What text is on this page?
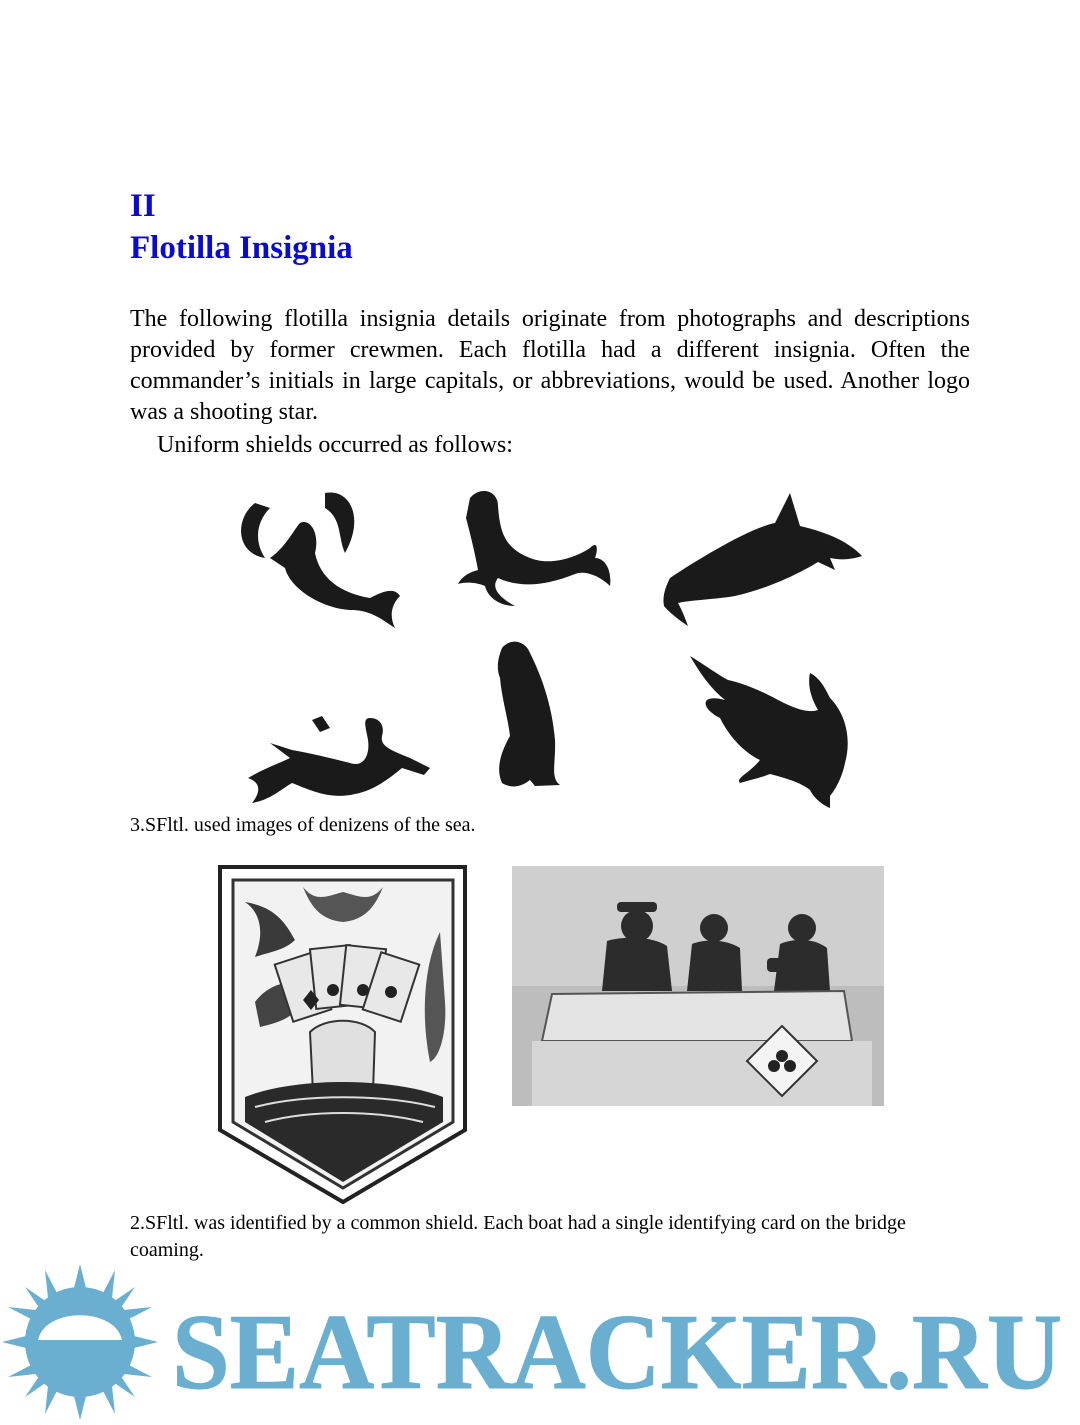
II
Flotilla Insignia

The following flotilla insignia details originate from photographs and descriptions provided by former crewmen. Each flotilla had a different insignia. Often the commander’s initials in large capitals, or abbreviations, would be used. Another logo was a shooting star.

Uniform shields occurred as follows:

3.SFltl. used images of denizens of the sea.

2.SFltl. was identified by a common shield. Each boat had a single identifying card on the bridge coaming.

SEATRACKER.RU
